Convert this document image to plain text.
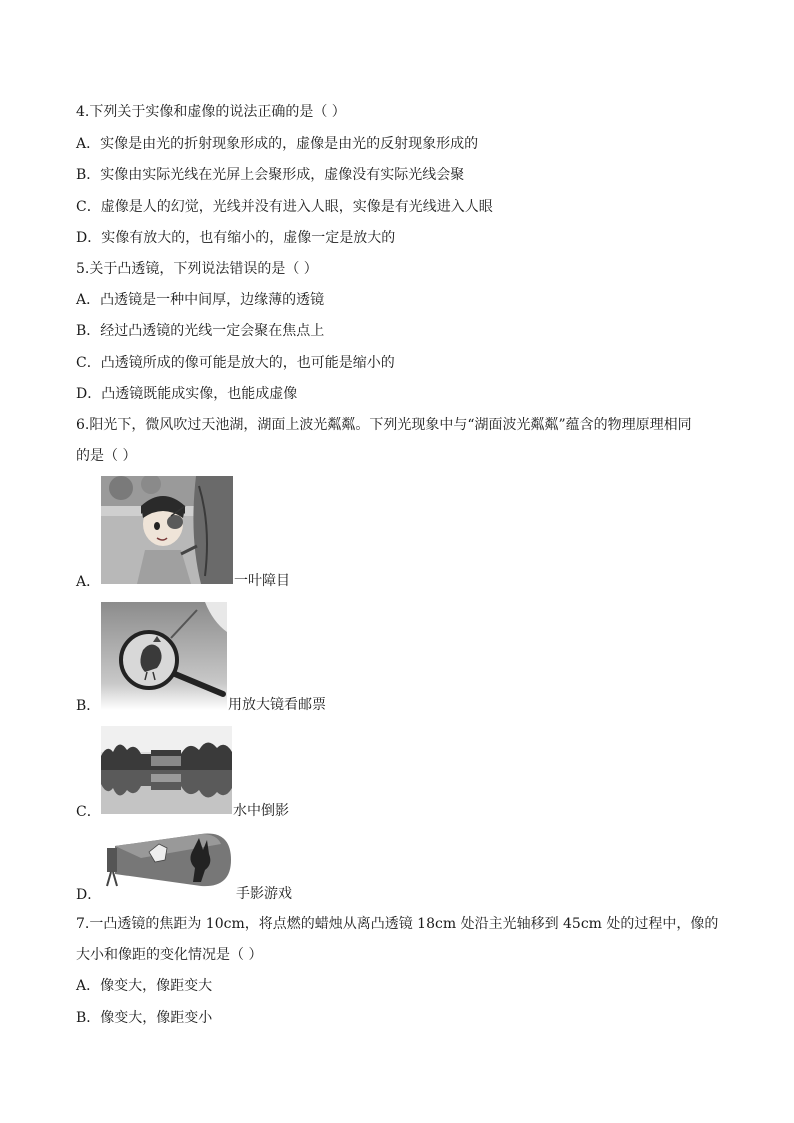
4.下列关于实像和虚像的说法正确的是（ ）
A．实像是由光的折射现象形成的，虚像是由光的反射现象形成的
B．实像由实际光线在光屏上会聚形成，虚像没有实际光线会聚
C．虚像是人的幻觉，光线并没有进入人眼，实像是有光线进入人眼
D．实像有放大的，也有缩小的，虚像一定是放大的
5.关于凸透镜，下列说法错误的是（ ）
A．凸透镜是一种中间厚，边缘薄的透镜
B．经过凸透镜的光线一定会聚在焦点上
C．凸透镜所成的像可能是放大的，也可能是缩小的
D．凸透镜既能成实像，也能成虚像
6.阳光下，微风吹过天池湖，湖面上波光粼粼。下列光现象中与“湖面波光粼粼”蕴含的物理原理相同
的是（ ）
A．	一叶障目
B．	用放大镜看邮票
C．	水中倒影
D．	手影游戏
7.一凸透镜的焦距为 10cm，将点燃的蜡烛从离凸透镜 18cm 处沿主光轴移到 45cm 处的过程中，像的
大小和像距的变化情况是（ ）
A．像变大，像距变大
B．像变大，像距变小
